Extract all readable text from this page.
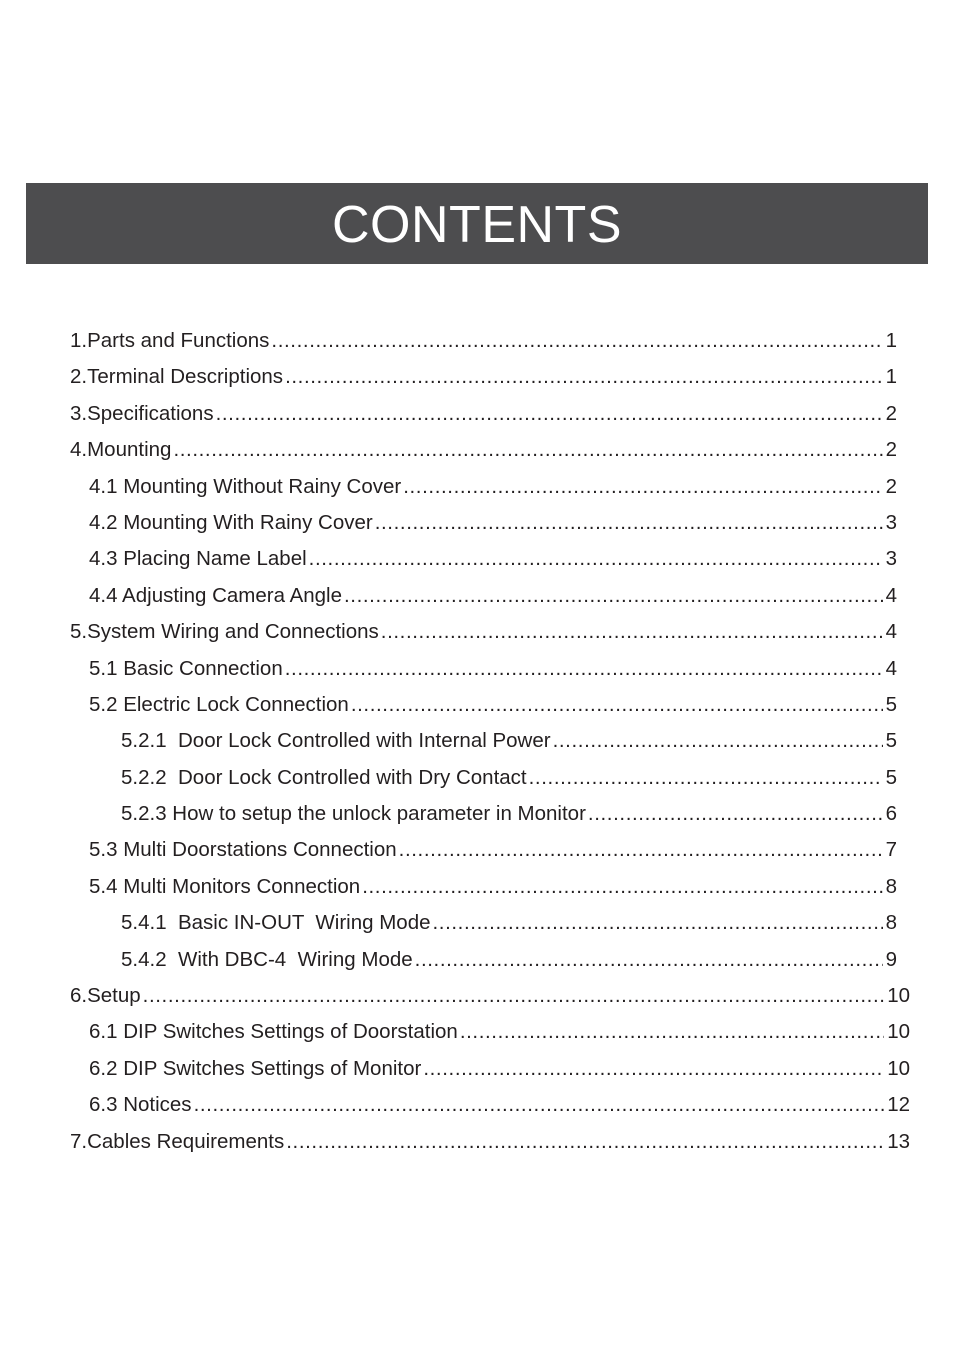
CONTENTS
1.Parts and Functions .....	1
2.Terminal Descriptions .....	1
3.Specifications .....	2
4.Mounting .....	2
4.1 Mounting Without Rainy Cover .....	2
4.2 Mounting With Rainy Cover .....	3
4.3 Placing Name Label .....	3
4.4 Adjusting Camera Angle .....	4
5.System Wiring and Connections .....	4
5.1 Basic Connection .....	4
5.2 Electric Lock Connection .....	5
5.2.1  Door Lock Controlled with Internal Power .....	5
5.2.2  Door Lock Controlled with Dry Contact .....	5
5.2.3 How to setup the unlock parameter in Monitor .....	6
5.3 Multi Doorstations Connection .....	7
5.4 Multi Monitors Connection .....	8
5.4.1  Basic IN-OUT  Wiring Mode .....	8
5.4.2  With DBC-4  Wiring Mode .....	9
6.Setup .....	10
6.1 DIP Switches Settings of Doorstation .....	10
6.2 DIP Switches Settings of Monitor .....	10
6.3 Notices .....	12
7.Cables Requirements .....	13
